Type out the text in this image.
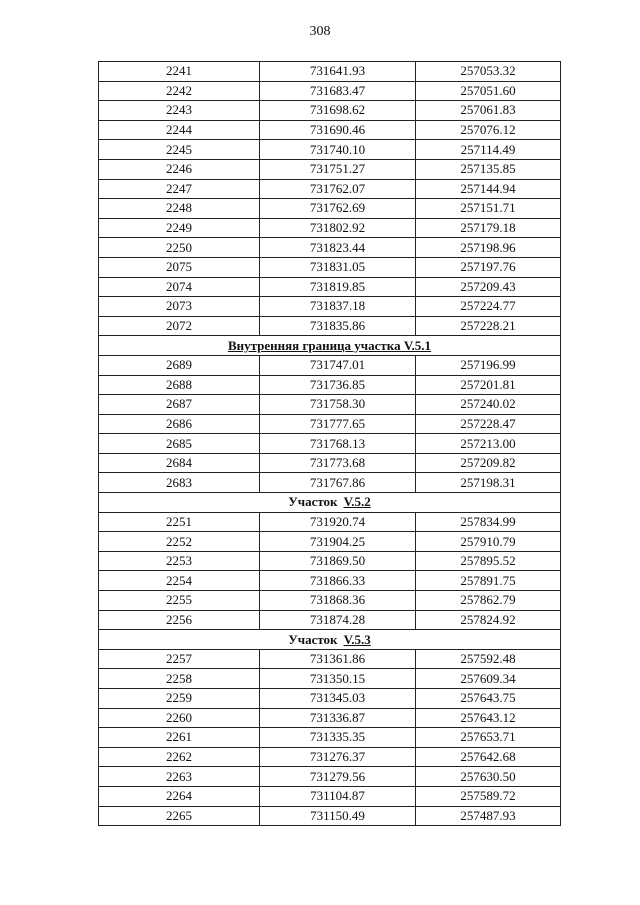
308
2241	731641.93	257053.32
2242	731683.47	257051.60
2243	731698.62	257061.83
2244	731690.46	257076.12
2245	731740.10	257114.49
2246	731751.27	257135.85
2247	731762.07	257144.94
2248	731762.69	257151.71
2249	731802.92	257179.18
2250	731823.44	257198.96
2075	731831.05	257197.76
2074	731819.85	257209.43
2073	731837.18	257224.77
2072	731835.86	257228.21
Внутренняя граница участка V.5.1		
2689	731747.01	257196.99
2688	731736.85	257201.81
2687	731758.30	257240.02
2686	731777.65	257228.47
2685	731768.13	257213.00
2684	731773.68	257209.82
2683	731767.86	257198.31
Участок V.5.2		
2251	731920.74	257834.99
2252	731904.25	257910.79
2253	731869.50	257895.52
2254	731866.33	257891.75
2255	731868.36	257862.79
2256	731874.28	257824.92
Участок V.5.3		
2257	731361.86	257592.48
2258	731350.15	257609.34
2259	731345.03	257643.75
2260	731336.87	257643.12
2261	731335.35	257653.71
2262	731276.37	257642.68
2263	731279.56	257630.50
2264	731104.87	257589.72
2265	731150.49	257487.93
